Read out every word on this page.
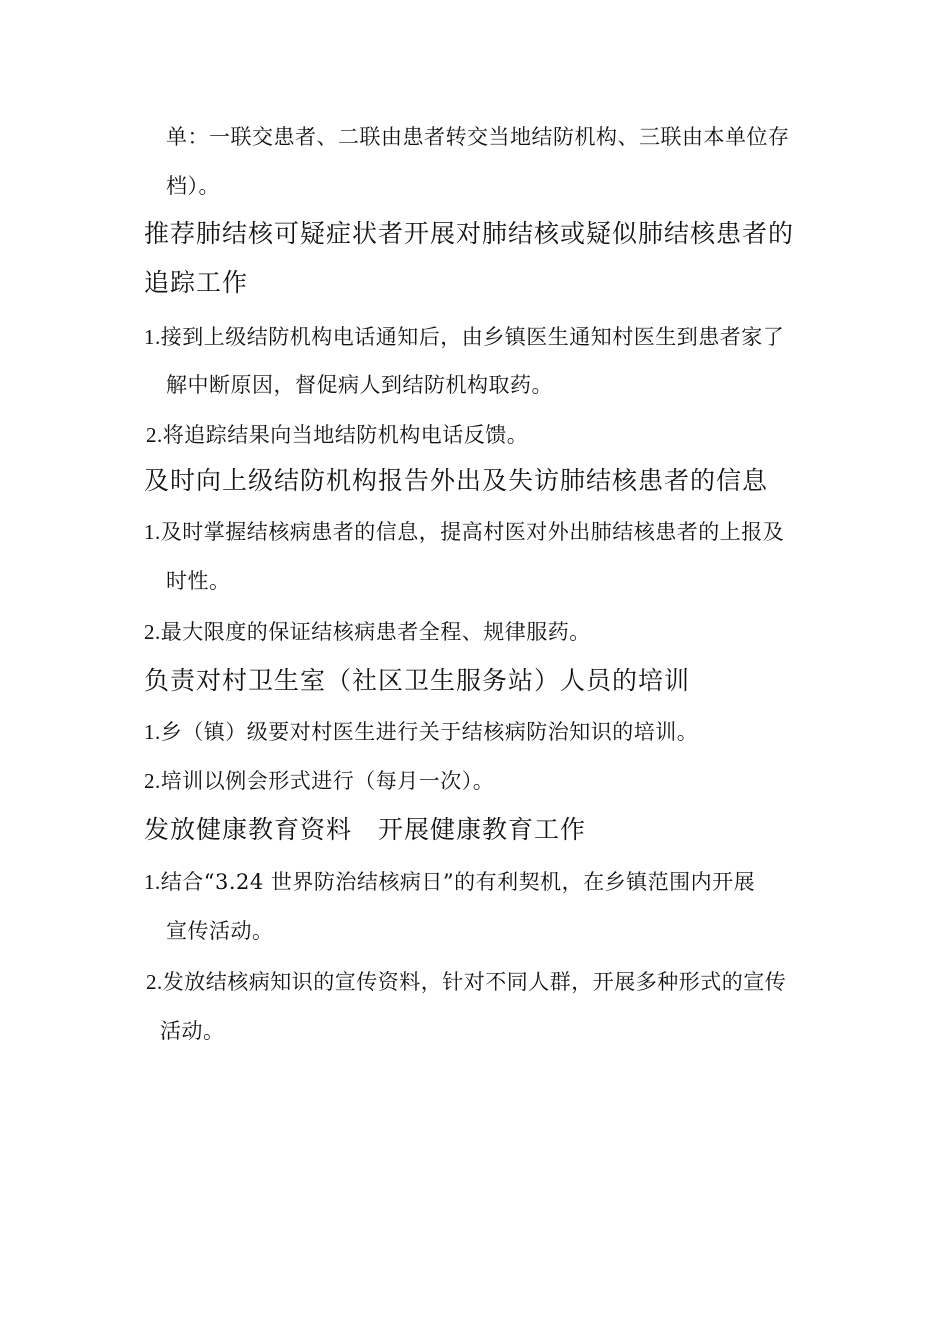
单：一联交患者、二联由患者转交当地结防机构、三联由本单位存
档）。
推荐肺结核可疑症状者开展对肺结核或疑似肺结核患者的
追踪工作
1.接到上级结防机构电话通知后，由乡镇医生通知村医生到患者家了
解中断原因，督促病人到结防机构取药。
2.将追踪结果向当地结防机构电话反馈。
及时向上级结防机构报告外出及失访肺结核患者的信息
1.及时掌握结核病患者的信息，提高村医对外出肺结核患者的上报及
时性。
2.最大限度的保证结核病患者全程、规律服药。
负责对村卫生室（社区卫生服务站）人员的培训
1.乡（镇）级要对村医生进行关于结核病防治知识的培训。
2.培训以例会形式进行（每月一次）。
发放健康教育资料　开展健康教育工作
1.结合“3.24 世界防治结核病日”的有利契机，在乡镇范围内开展
宣传活动。
2.发放结核病知识的宣传资料，针对不同人群，开展多种形式的宣传
活动。
